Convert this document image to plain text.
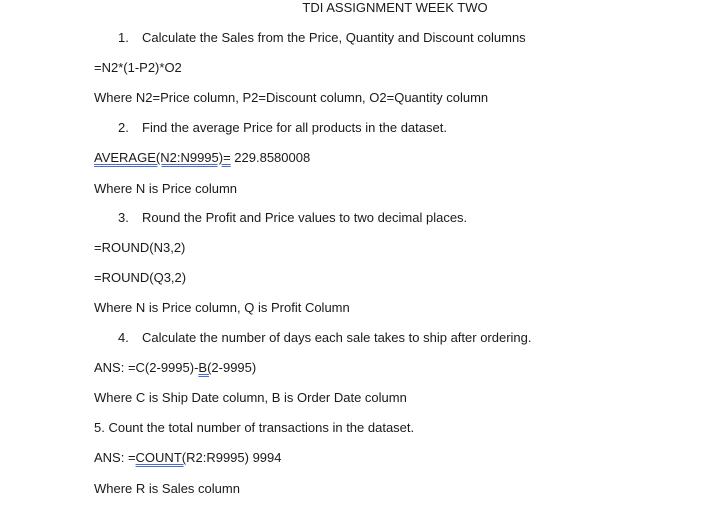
TDI ASSIGNMENT WEEK TWO
1. Calculate the Sales from the Price, Quantity and Discount columns
=N2*(1-P2)*O2
Where N2=Price column, P2=Discount column, O2=Quantity column
2. Find the average Price for all products in the dataset.
AVERAGE(N2:N9995)= 229.8580008
Where N is Price column
3. Round the Profit and Price values to two decimal places.
=ROUND(N3,2)
=ROUND(Q3,2)
Where N is Price column, Q is Profit Column
4. Calculate the number of days each sale takes to ship after ordering.
ANS: =C(2-9995)-B(2-9995)
Where C is Ship Date column, B is Order Date column
5. Count the total number of transactions in the dataset.
ANS: =COUNT(R2:R9995) 9994
Where R is Sales column
